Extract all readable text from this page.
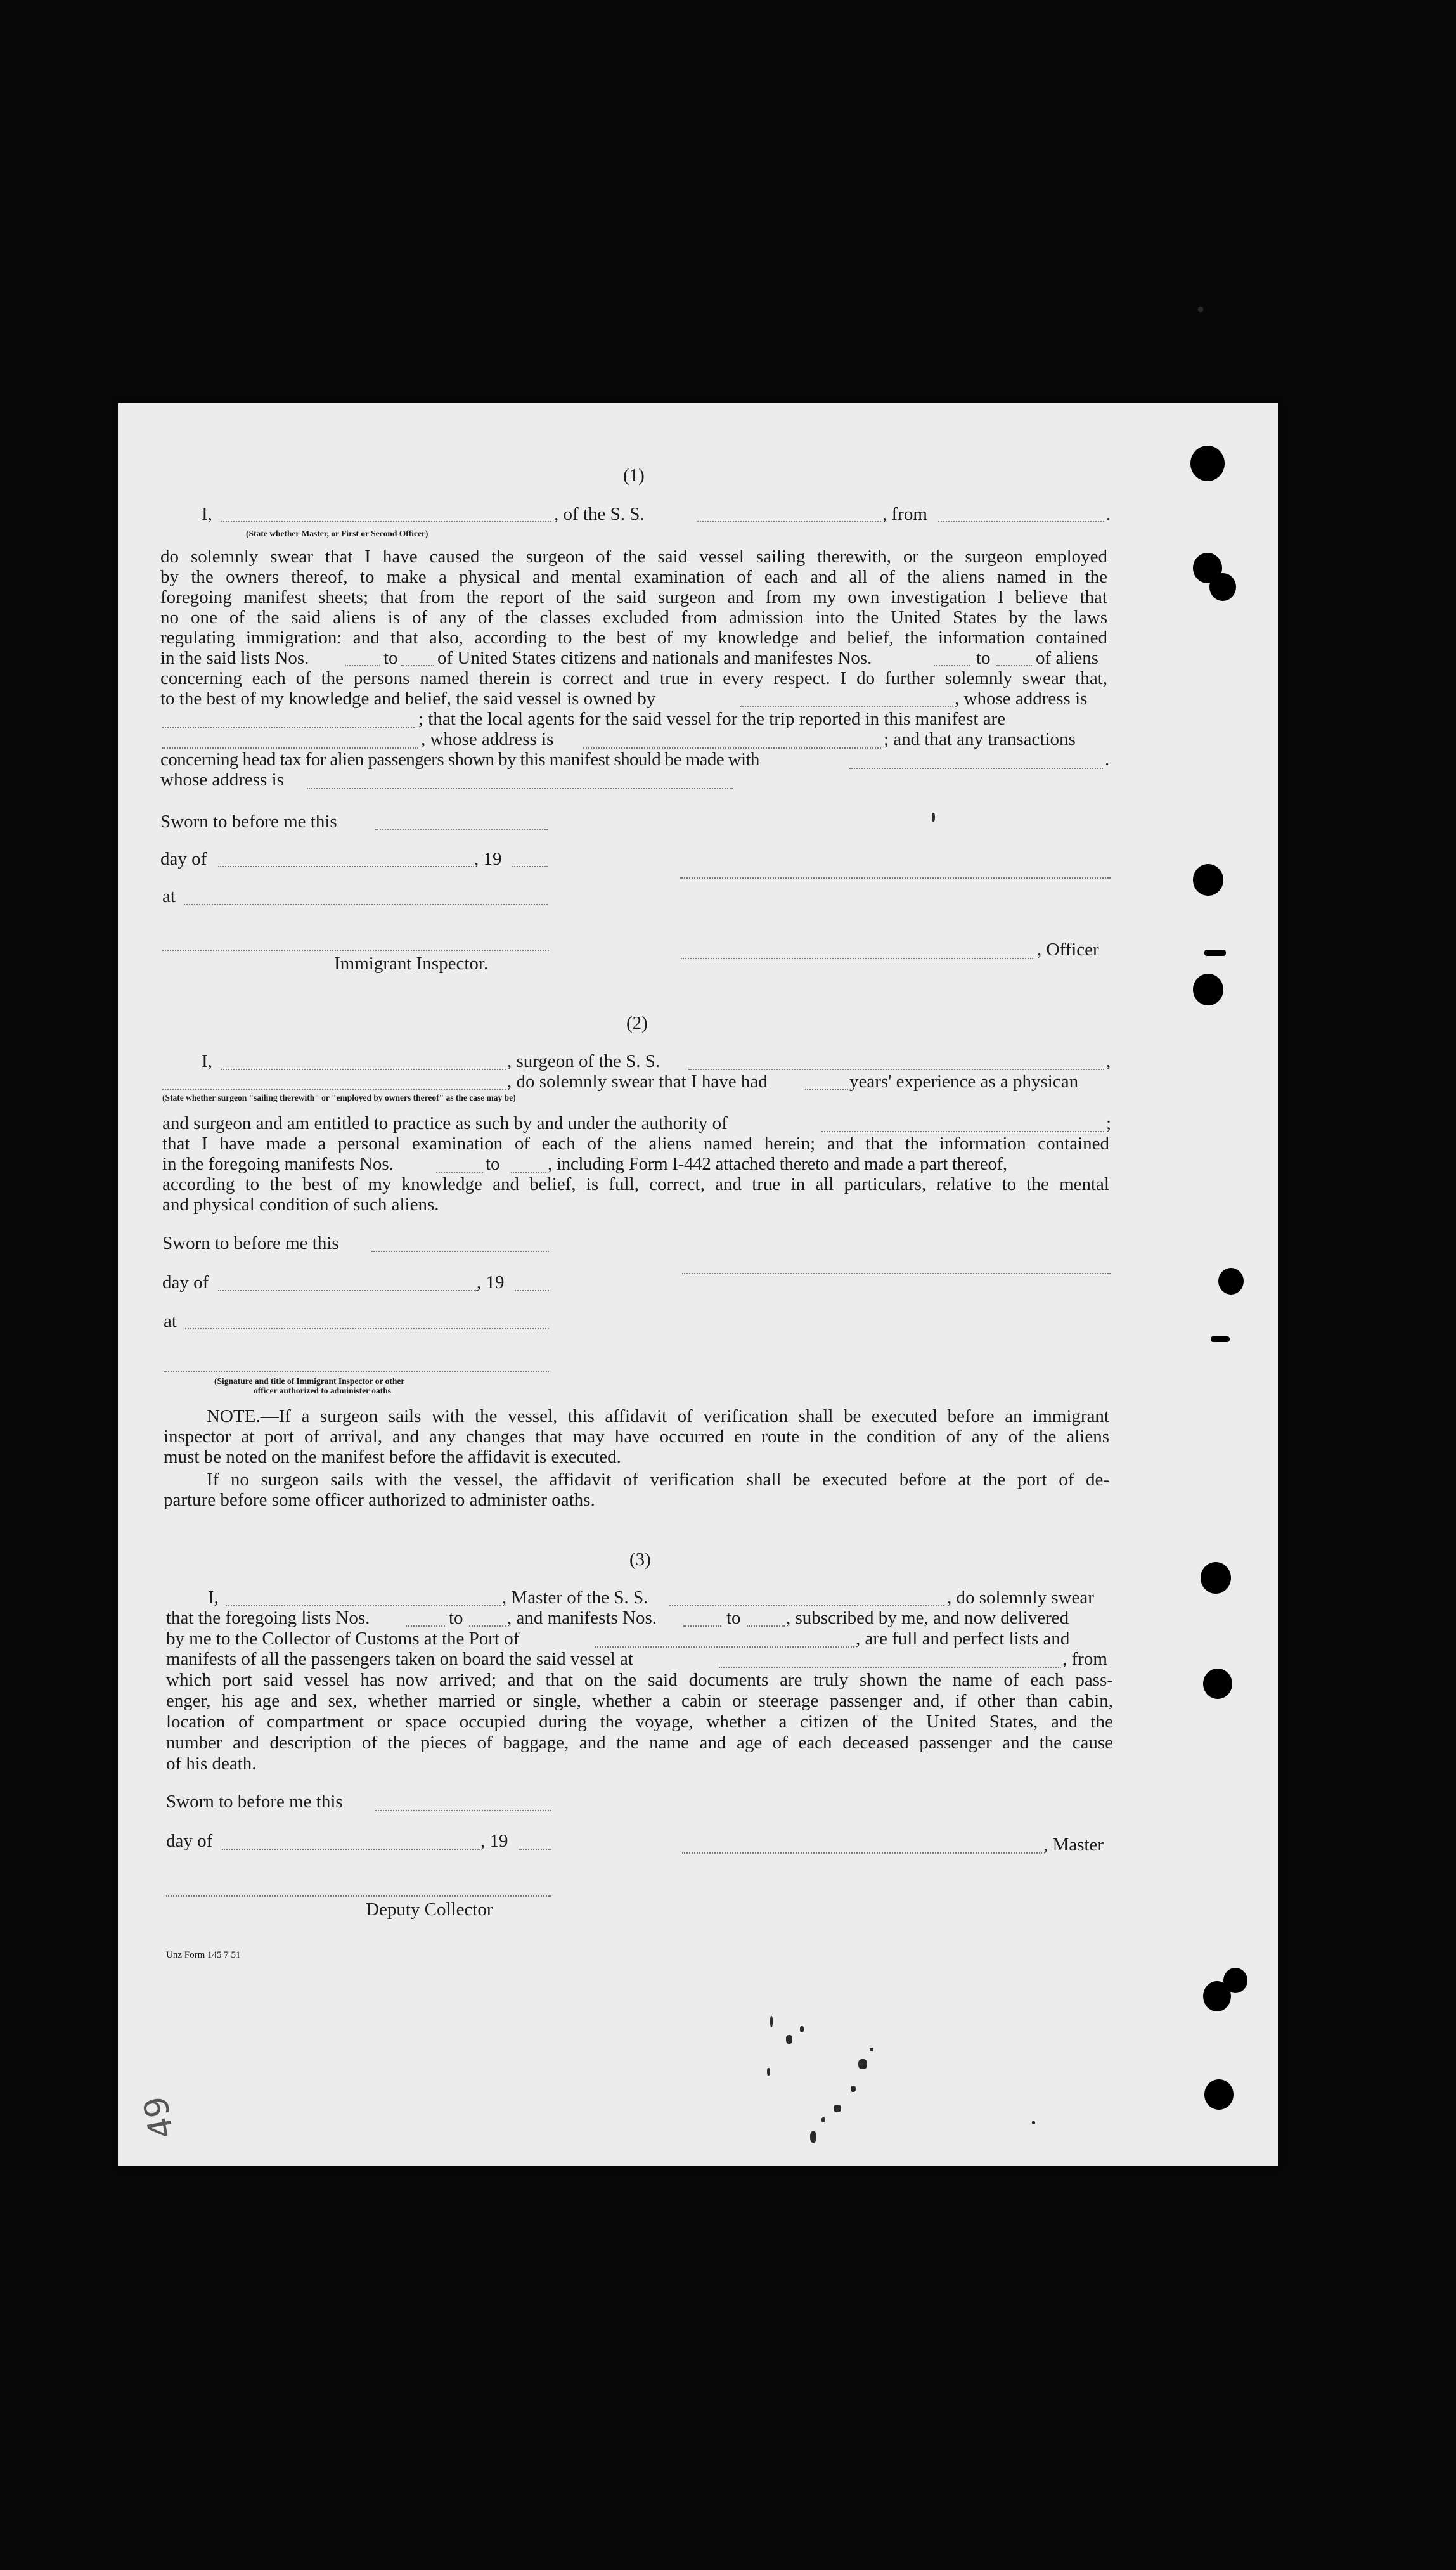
(1)
I,	, of the S. S.	, from	.
(State whether Master, or First or Second Officer)
do solemnly swear that I have caused the surgeon of the said vessel sailing therewith, or the surgeon employed
by the owners thereof, to make a physical and mental examination of each and all of the aliens named in the
foregoing manifest sheets; that from the report of the said surgeon and from my own investigation I believe that
no one of the said aliens is of any of the classes excluded from admission into the United States by the laws
regulating immigration: and that also, according to the best of my knowledge and belief, the information contained
in the said lists Nos.	to of United States citizens and nationals and manifestes Nos.	to of aliens
concerning each of the persons named therein is correct and true in every respect. I do further solemnly swear that,
to the best of my knowledge and belief, the said vessel is owned by	, whose address is
; that the local agents for the said vessel for the trip reported in this manifest are
, whose address is	; and that any transactions
concerning head tax for alien passengers shown by this manifest should be made with	.
whose address is
Sworn to before me this
day of	, 19
at
Immigrant Inspector.
, Officer
(2)
I,	, surgeon of the S. S.	,
, do solemnly swear that I have had	years' experience as a physican
(State whether surgeon "sailing therewith" or "employed by owners thereof" as the case may be)
and surgeon and am entitled to practice as such by and under the authority of	;
that I have made a personal examination of each of the aliens named herein; and that the information contained
in the foregoing manifests Nos.	to	, including Form I-442 attached thereto and made a part thereof,
according to the best of my knowledge and belief, is full, correct, and true in all particulars, relative to the mental
and physical condition of such aliens.
Sworn to before me this
day of	, 19
at
(Signature and title of Immigrant Inspector or other
officer authorized to administer oaths
NOTE.—If a surgeon sails with the vessel, this affidavit of verification shall be executed before an immigrant
inspector at port of arrival, and any changes that may have occurred en route in the condition of any of the aliens
must be noted on the manifest before the affidavit is executed.
If no surgeon sails with the vessel, the affidavit of verification shall be executed before at the port of de-
parture before some officer authorized to administer oaths.
(3)
I,	, Master of the S. S.	, do solemnly swear
that the foregoing lists Nos.	to , and manifests Nos.	to , subscribed by me, and now delivered
by me to the Collector of Customs at the Port of	, are full and perfect lists and
manifests of all the passengers taken on board the said vessel at	, from
which port said vessel has now arrived; and that on the said documents are truly shown the name of each pass-
enger, his age and sex, whether married or single, whether a cabin or steerage passenger and, if other than cabin,
location of compartment or space occupied during the voyage, whether a citizen of the United States, and the
number and description of the pieces of baggage, and the name and age of each deceased passenger and the cause
of his death.
Sworn to before me this
day of	, 19	, Master
Deputy Collector
Unz Form 145 7 51
49
